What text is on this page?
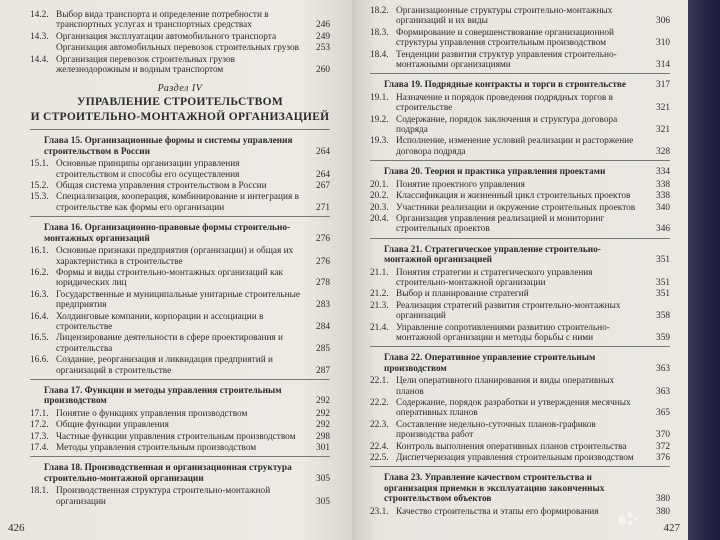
14.2. Выбор вида транспорта и определение потребности в транспортных услугах и транспортных средствах	246
14.3. Организация эксплуатации автомобильного транспорта	249
Организация автомобильных перевозок строительных грузов	253
14.4. Организация перевозок строительных грузов железнодорожным и водным транспортом	260
Раздел IV
УПРАВЛЕНИЕ СТРОИТЕЛЬСТВОМ
И СТРОИТЕЛЬНО-МОНТАЖНОЙ ОРГАНИЗАЦИЕЙ
Глава 15. Организационные формы и системы управления строительством в России	264
15.1. Основные принципы организации управления строительством и способы его осуществления	264
15.2. Общая система управления строительством в России	267
15.3. Специализация, кооперация, комбинирование и интеграция в строительстве как формы его организации	271
Глава 16. Организационно-правовые формы строительно-монтажных организаций	276
16.1. Основные признаки предприятия (организации) и общая их характеристика в строительстве	276
16.2. Формы и виды строительно-монтажных организаций как юридических лиц	278
16.3. Государственные и муниципальные унитарные строительные предприятия	283
16.4. Холдинговые компании, корпорации и ассоциации в строительстве	284
16.5. Лицензирование деятельности в сфере проектирования и строительства	285
16.6. Создание, реорганизация и ликвидация предприятий и организаций в строительстве	287
Глава 17. Функции и методы управления строительным производством	292
17.1. Понятие о функциях управления производством	292
17.2. Общие функции управления	292
17.3. Частные функции управления строительным производством	298
17.4. Методы управления строительным производством	301
Глава 18. Производственная и организационная структура строительно-монтажной организации	305
18.1. Производственная структура строительно-монтажной организации	305
426
18.2. Организационные структуры строительно-монтажных организаций и их виды	306
18.3. Формирование и совершенствование организационной структуры управления строительным производством	310
18.4. Тенденции развития структур управления строительно-монтажными организациями	314
Глава 19. Подрядные контракты и торги в строительстве	317
19.1. Назначение и порядок проведения подрядных торгов в строительстве	321
19.2. Содержание, порядок заключения и структура договора подряда	321
19.3. Исполнение, изменение условий реализации и расторжение договора подряда	328
Глава 20. Теория и практика управления проектами	334
20.1. Понятие проектного управления	338
20.2. Классификация и жизненный цикл строительных проектов	338
20.3. Участники реализации и окружение строительных проектов	340
20.4. Организация управления реализацией и мониторинг строительных проектов	346
Глава 21. Стратегическое управление строительно-монтажной организацией	351
21.1. Понятия стратегии и стратегического управления строительно-монтажной организации	351
21.2. Выбор и планирование стратегий	351
21.3. Реализация стратегий развития строительно-монтажных организаций	358
21.4. Управление сопротивлениями развитию строительно-монтажной организации и методы борьбы с ними	359
Глава 22. Оперативное управление строительным производством	363
22.1. Цели оперативного планирования и виды оперативных планов	363
22.2. Содержание, порядок разработки и утверждения месячных оперативных планов	365
22.3. Составление недельно-суточных планов-графиков производства работ	370
22.4. Контроль выполнения оперативных планов строительства	372
22.5. Диспетчеризация управления строительным производством	376
Глава 23. Управление качеством строительства и организация приемки в эксплуатацию законченных строительством объектов	380
23.1. Качество строительства и этапы его формирования	380
427
